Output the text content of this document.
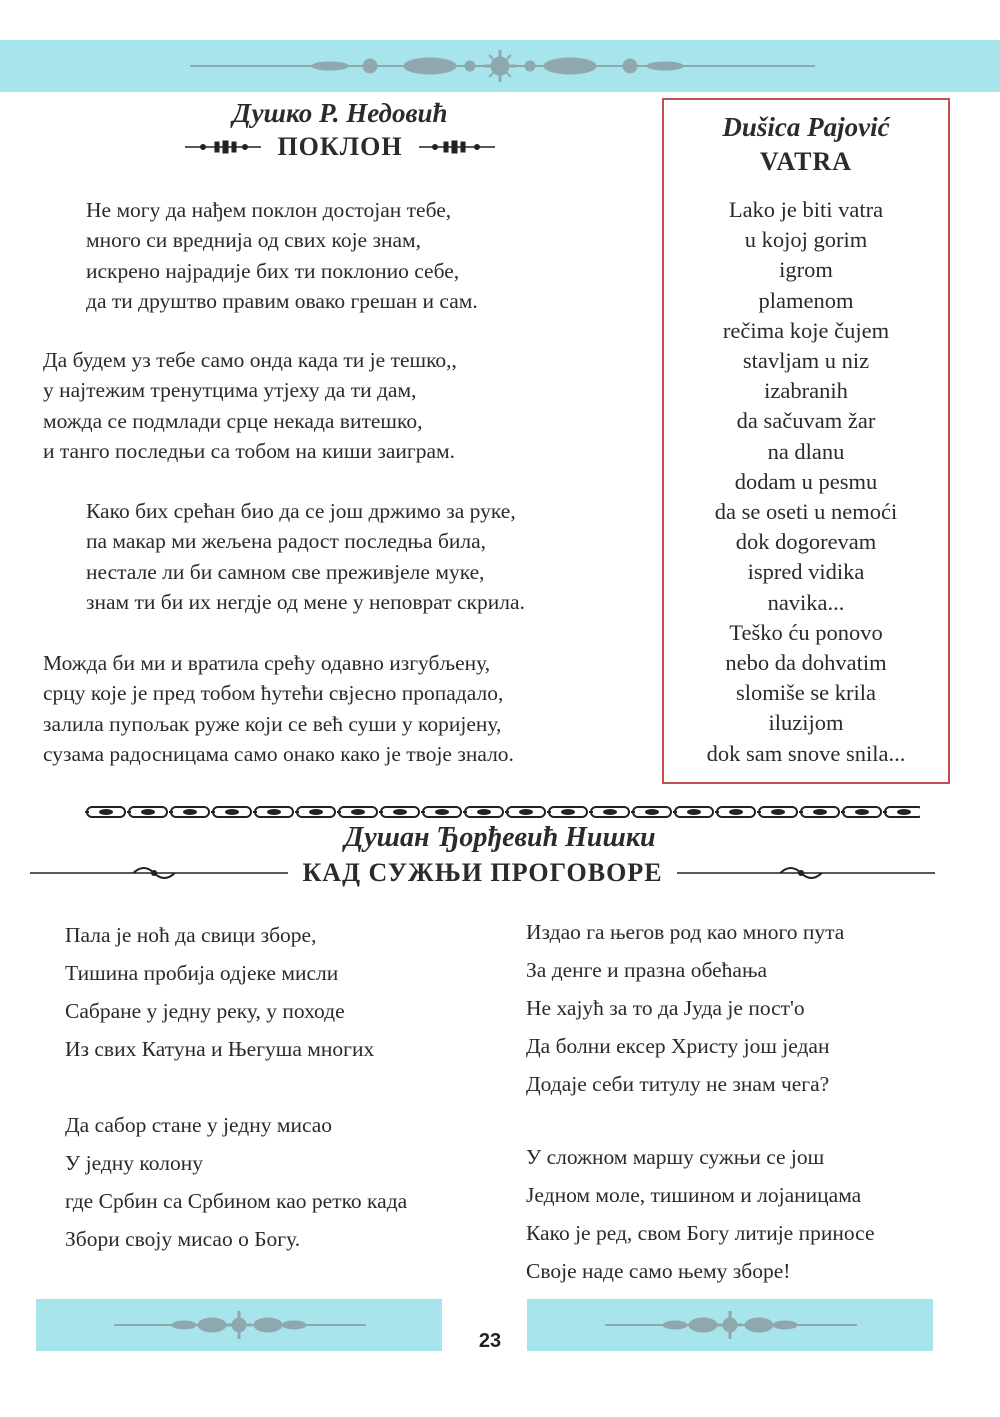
Душко Р. Недовић
ПОКЛОН
Не могу да нађем поклон достојан тебе,
много си вреднија од свих које знам,
искрено најрадије бих ти поклонио себе,
да ти друштво правим овако грешан и сам.
Да будем уз тебе само онда када ти је тешко,,
у најтежим тренутцима утјеху да ти дам,
можда се подмлади срце некада витешко,
и танго последњи са тобом на киши заиграм.
Како бих срећан био да се још држимо за руке,
па макар ми жељена радост последња била,
нестале ли би самном све преживјеле муке,
знам ти би их негдје од мене у неповрат скрила.
Можда би ми и вратила срећу одавно изгубљену,
срцу које је пред тобом ћутећи свјесно пропадало,
залила пупољак руже који се већ суши у коријену,
сузама радосницама само онако како је твоје знало.
Dušica Pajović
VATRA
Lako je biti vatra
u kojoj gorim
igrom
plamenom
rečima koje čujem
stavljam u niz
izabranih
da sačuvam žar
na dlanu
dodam u pesmu
da se oseti u nemoći
dok dogorevam
ispred vidika
navika...
Teško ću ponovo
nebo da dohvatim
slomiše se krila
iluzijom
dok sam snove snila...
Душан Ђорђевић Нишки
КАД СУЖЊИ ПРОГОВОРЕ
Пала је ноћ да свици зборе,
Тишина пробија одјеке мисли
Сабране у једну реку, у походе
Из свих Катуна и Његуша многих
Да сабор стане у једну мисао
У једну колону
где Србин са Србином као ретко када
Збори своју мисао о Богу.
Издао га његов род као много пута
За денге и празна обећања
Не хајућ за то да Јуда је пост'о
Да болни ексер Христу још један
Додаје себи титулу не знам чега?
У сложном маршу сужњи се још
Једном моле, тишином и лојаницама
Како је ред, свом Богу литије приносе
Своје наде само њему зборе!
23
